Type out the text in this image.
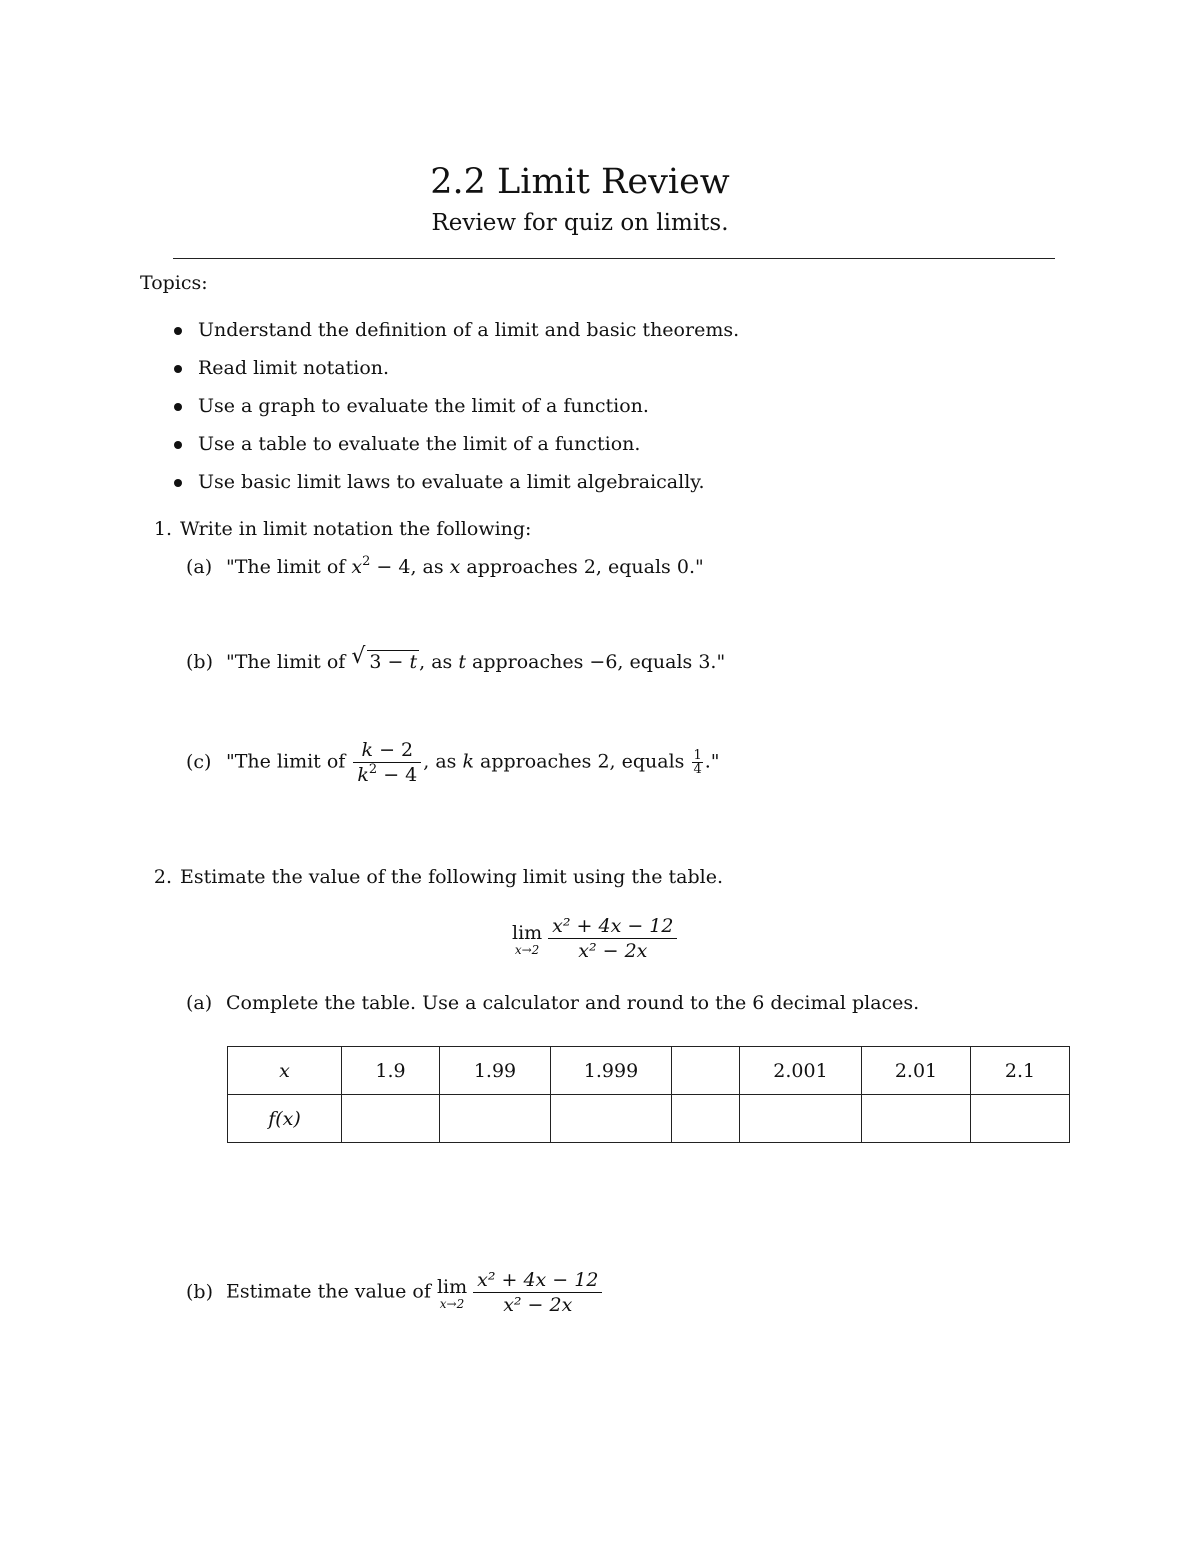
2.2 Limit Review
Review for quiz on limits.
Topics:
Understand the definition of a limit and basic theorems.
Read limit notation.
Use a graph to evaluate the limit of a function.
Use a table to evaluate the limit of a function.
Use basic limit laws to evaluate a limit algebraically.
1. Write in limit notation the following:
(a) "The limit of $x^2 - 4$, as x approaches 2, equals 0."
(b) "The limit of √ 3 − t , as t approaches −6, equals 3."
(c) "The limit of $\frac{k - 2}{k^2 - 4}$ , as k approaches 2, equals $\frac{1}{4}$ ."
2. Estimate the value of the following limit using the table.
lim
$x\to 2 \frac{\text{x² + 4x − 12}}{\text{x² − 2x}}$
(a) Complete the table. Use a calculator and round to the 6 decimal places.
x	1.9	1.99	1.999		2.001	2.01	2.1
f(x)							
(b) Estimate the value of lim
$x\to 2 \frac{\text{x² + 4x − 12}}{\text{x² − 2x}}$
